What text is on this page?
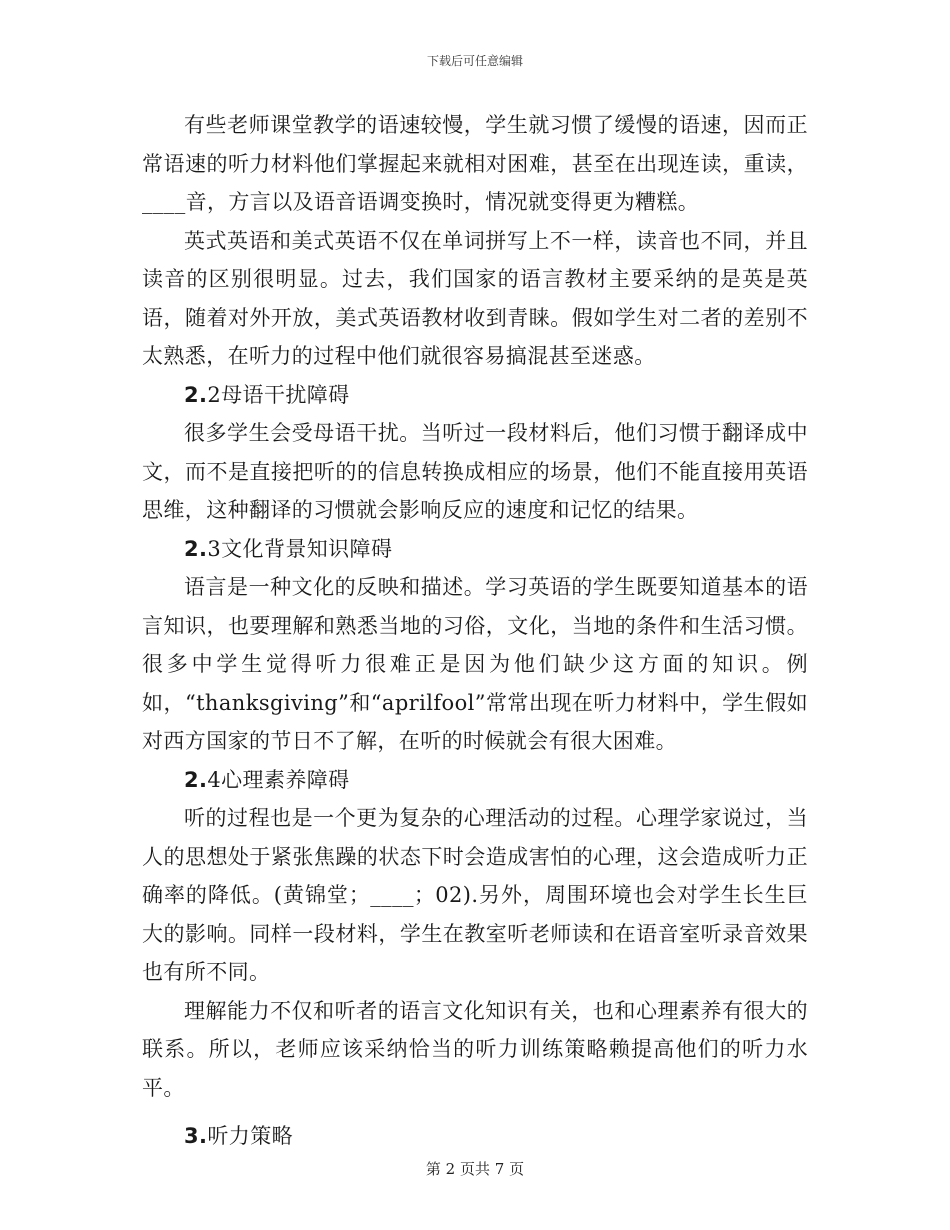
下载后可任意编辑

有些老师课堂教学的语速较慢，学生就习惯了缓慢的语速，因而正常语速的听力材料他们掌握起来就相对困难，甚至在出现连读，重读，____音，方言以及语音语调变换时，情况就变得更为糟糕。

英式英语和美式英语不仅在单词拼写上不一样，读音也不同，并且读音的区别很明显。过去，我们国家的语言教材主要采纳的是英是英语，随着对外开放，美式英语教材收到青睐。假如学生对二者的差别不太熟悉，在听力的过程中他们就很容易搞混甚至迷惑。

2.2母语干扰障碍

很多学生会受母语干扰。当听过一段材料后，他们习惯于翻译成中文，而不是直接把听的的信息转换成相应的场景，他们不能直接用英语思维，这种翻译的习惯就会影响反应的速度和记忆的结果。

2.3文化背景知识障碍

语言是一种文化的反映和描述。学习英语的学生既要知道基本的语言知识，也要理解和熟悉当地的习俗，文化，当地的条件和生活习惯。很多中学生觉得听力很难正是因为他们缺少这方面的知识。例如，“thanksgiving”和“aprilfool”常常出现在听力材料中，学生假如对西方国家的节日不了解，在听的时候就会有很大困难。

2.4心理素养障碍

听的过程也是一个更为复杂的心理活动的过程。心理学家说过，当人的思想处于紧张焦躁的状态下时会造成害怕的心理，这会造成听力正确率的降低。(黄锦堂；____；02).另外，周围环境也会对学生长生巨大的影响。同样一段材料，学生在教室听老师读和在语音室听录音效果也有所不同。

理解能力不仅和听者的语言文化知识有关，也和心理素养有很大的联系。所以，老师应该采纳恰当的听力训练策略赖提高他们的听力水平。

3.听力策略

第 2 页共 7 页
